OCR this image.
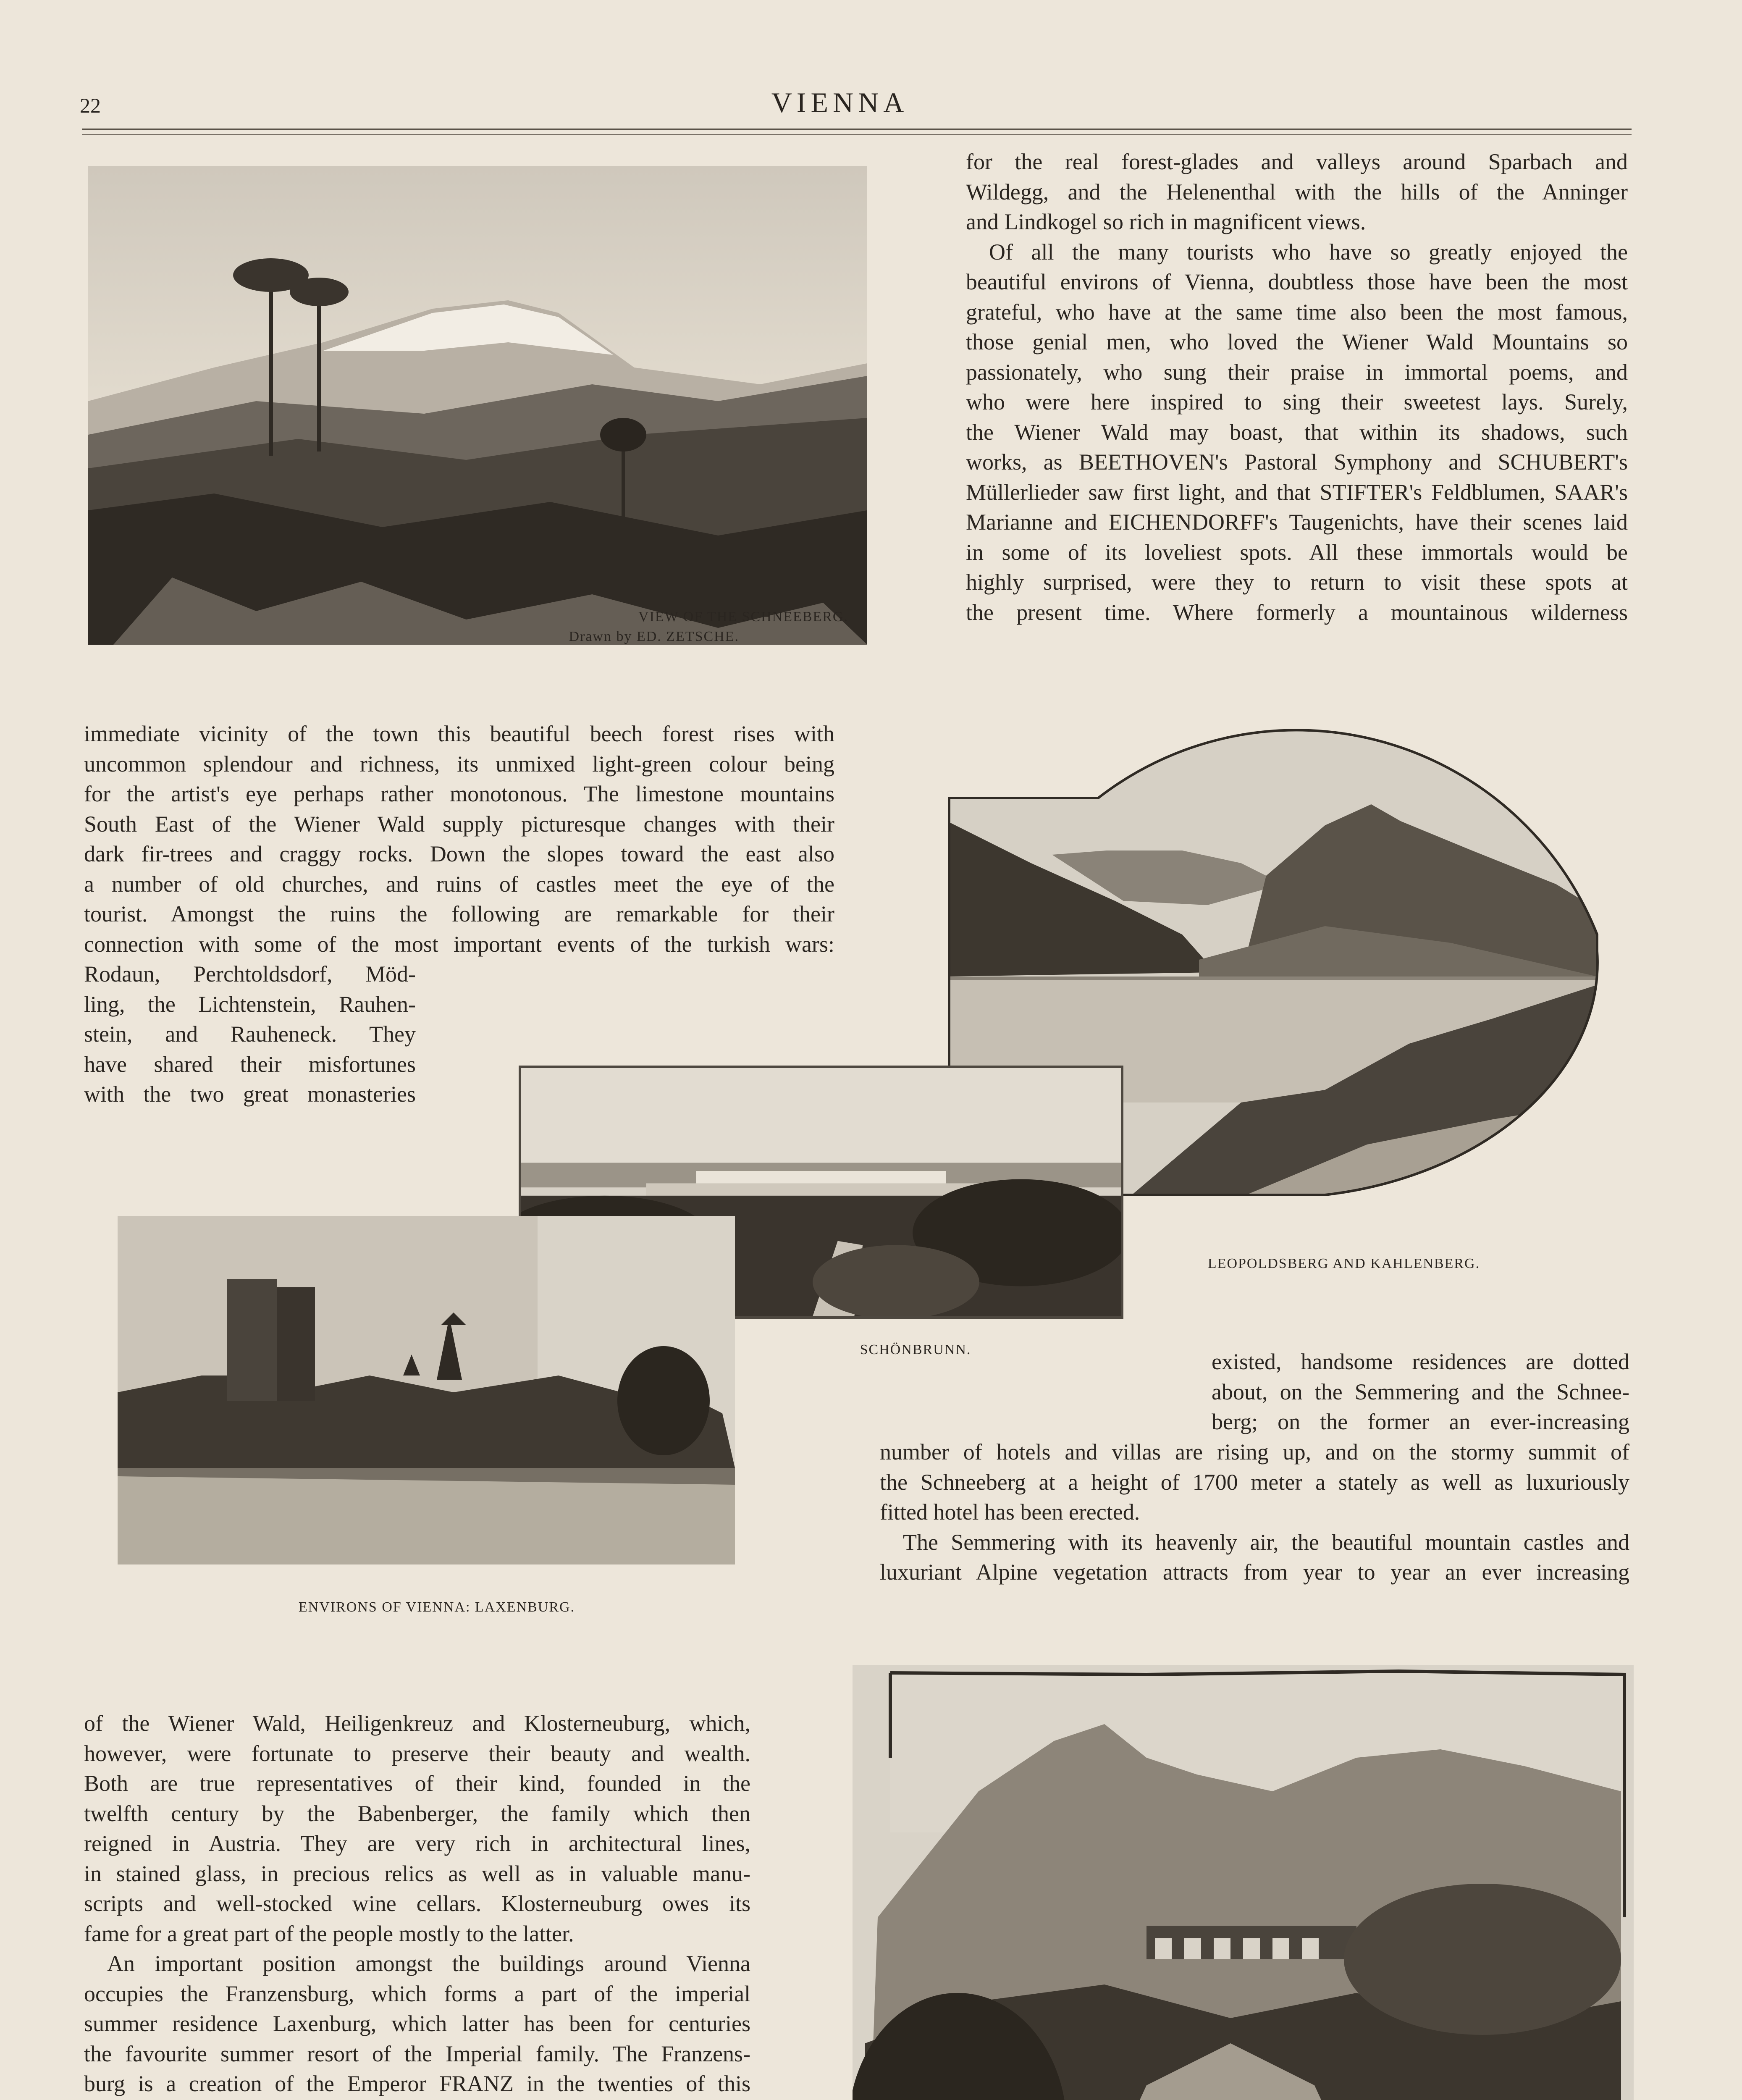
22	VIENNA
VIEW OF THE SCHNEEBERG.
Drawn by ED. ZETSCHE.

for the real forest-glades and valleys around Sparbach and

Wildegg, and the Helenenthal with the hills of the Anninger

and Lindkogel so rich in magnificent views.

Of all the many tourists who have so greatly enjoyed the

beautiful environs of Vienna, doubtless those have been the most

grateful, who have at the same time also been the most famous,

those genial men, who loved the Wiener Wald Mountains so

passionately, who sung their praise in immortal poems, and

who were here inspired to sing their sweetest lays. Surely,

the Wiener Wald may boast, that within its shadows, such

works, as BEETHOVEN's Pastoral Symphony and SCHUBERT's

Müllerlieder saw first light, and that STIFTER's Feldblumen, SAAR's

Marianne and EICHENDORFF's Taugenichts, have their scenes laid

in some of its loveliest spots. All these immortals would be

highly surprised, were they to return to visit these spots at

the present time. Where formerly a mountainous wilderness

immediate vicinity of the town this beautiful beech forest rises with

uncommon splendour and richness, its unmixed light-green colour being

for the artist's eye perhaps rather monotonous. The limestone mountains

South East of the Wiener Wald supply picturesque changes with their

dark fir-trees and craggy rocks. Down the slopes toward the east also

a number of old churches, and ruins of castles meet the eye of the

tourist. Amongst the ruins the following are remarkable for their

connection with some of the most important events of the turkish wars:

Rodaun, Perchtoldsdorf, Möd-

ling, the Lichtenstein, Rauhen-

stein, and Rauheneck. They

have shared their misfortunes

with the two great monasteries

LEOPOLDSBERG AND KAHLENBERG.
SCHÖNBRUNN.
ENVIRONS OF VIENNA: LAXENBURG.

existed, handsome residences are dotted

about, on the Semmering and the Schnee-

berg; on the former an ever-increasing

number of hotels and villas are rising up, and on the stormy summit of

the Schneeberg at a height of 1700 meter a stately as well as luxuriously

fitted hotel has been erected.

The Semmering with its heavenly air, the beautiful mountain castles and

luxuriant Alpine vegetation attracts from year to year an ever increasing

of the Wiener Wald, Heiligenkreuz and Klosterneuburg, which,

however, were fortunate to preserve their beauty and wealth.

Both are true representatives of their kind, founded in the

twelfth century by the Babenberger, the family which then

reigned in Austria. They are very rich in architectural lines,

in stained glass, in precious relics as well as in valuable manu-

scripts and well-stocked wine cellars. Klosterneuburg owes its

fame for a great part of the people mostly to the latter.

An important position amongst the buildings around Vienna

occupies the Franzensburg, which forms a part of the imperial

summer residence Laxenburg, which latter has been for centuries

the favourite summer resort of the Imperial family. The Franzens-

burg is a creation of the Emperor FRANZ in the twenties of this
